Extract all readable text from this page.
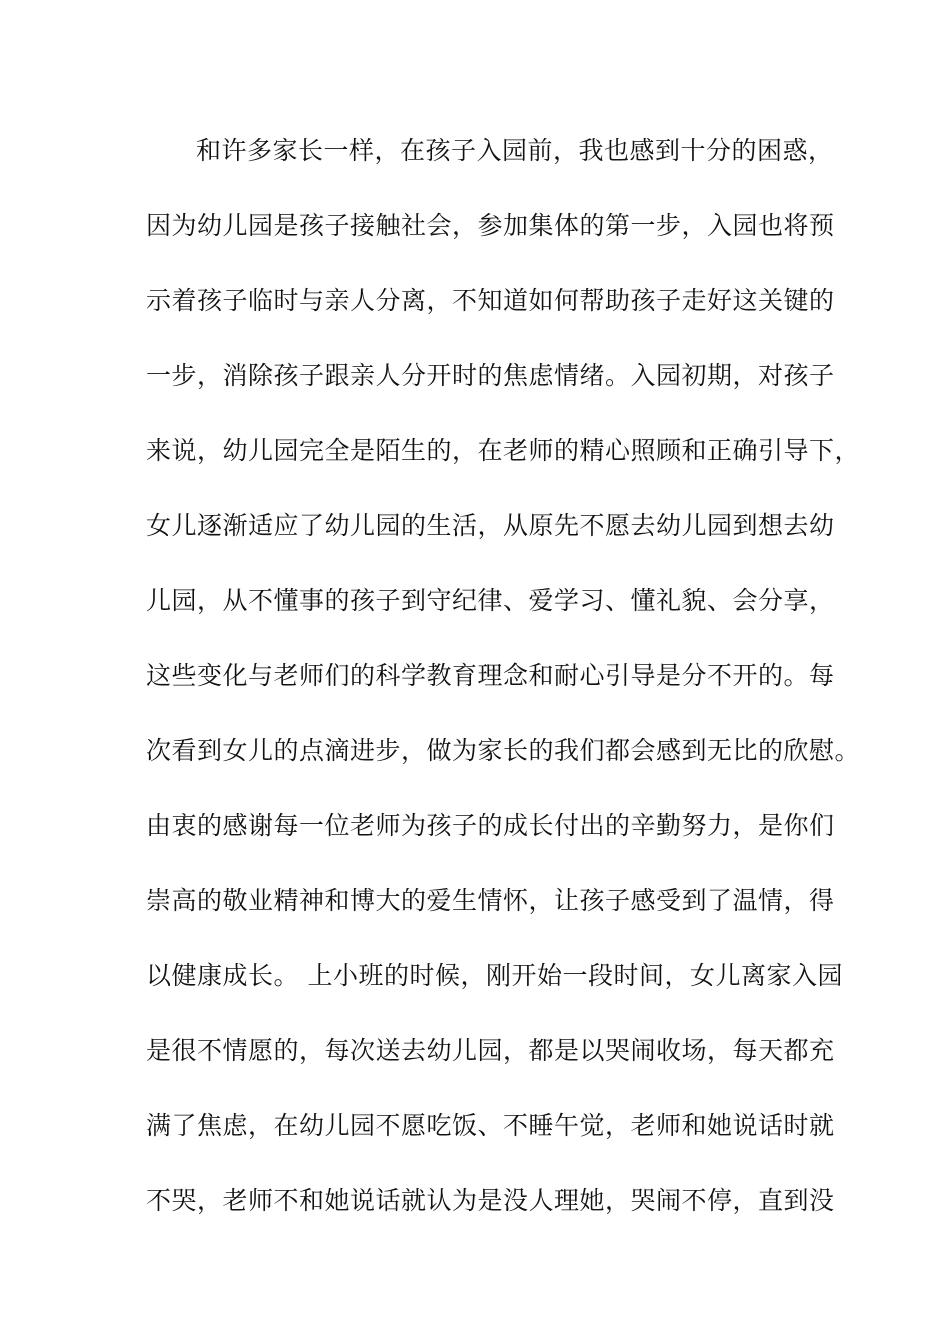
和许多家长一样，在孩子入园前，我也感到十分的困惑，
因为幼儿园是孩子接触社会，参加集体的第一步，入园也将预
示着孩子临时与亲人分离，不知道如何帮助孩子走好这关键的
一步，消除孩子跟亲人分开时的焦虑情绪。入园初期，对孩子
来说，幼儿园完全是陌生的，在老师的精心照顾和正确引导下，
女儿逐渐适应了幼儿园的生活，从原先不愿去幼儿园到想去幼
儿园，从不懂事的孩子到守纪律、爱学习、懂礼貌、会分享，
这些变化与老师们的科学教育理念和耐心引导是分不开的。每
次看到女儿的点滴进步，做为家长的我们都会感到无比的欣慰。
由衷的感谢每一位老师为孩子的成长付出的辛勤努力，是你们
崇高的敬业精神和博大的爱生情怀，让孩子感受到了温情，得
以健康成长。 上小班的时候，刚开始一段时间，女儿离家入园
是很不情愿的，每次送去幼儿园，都是以哭闹收场，每天都充
满了焦虑，在幼儿园不愿吃饭、不睡午觉，老师和她说话时就
不哭，老师不和她说话就认为是没人理她，哭闹不停，直到没
